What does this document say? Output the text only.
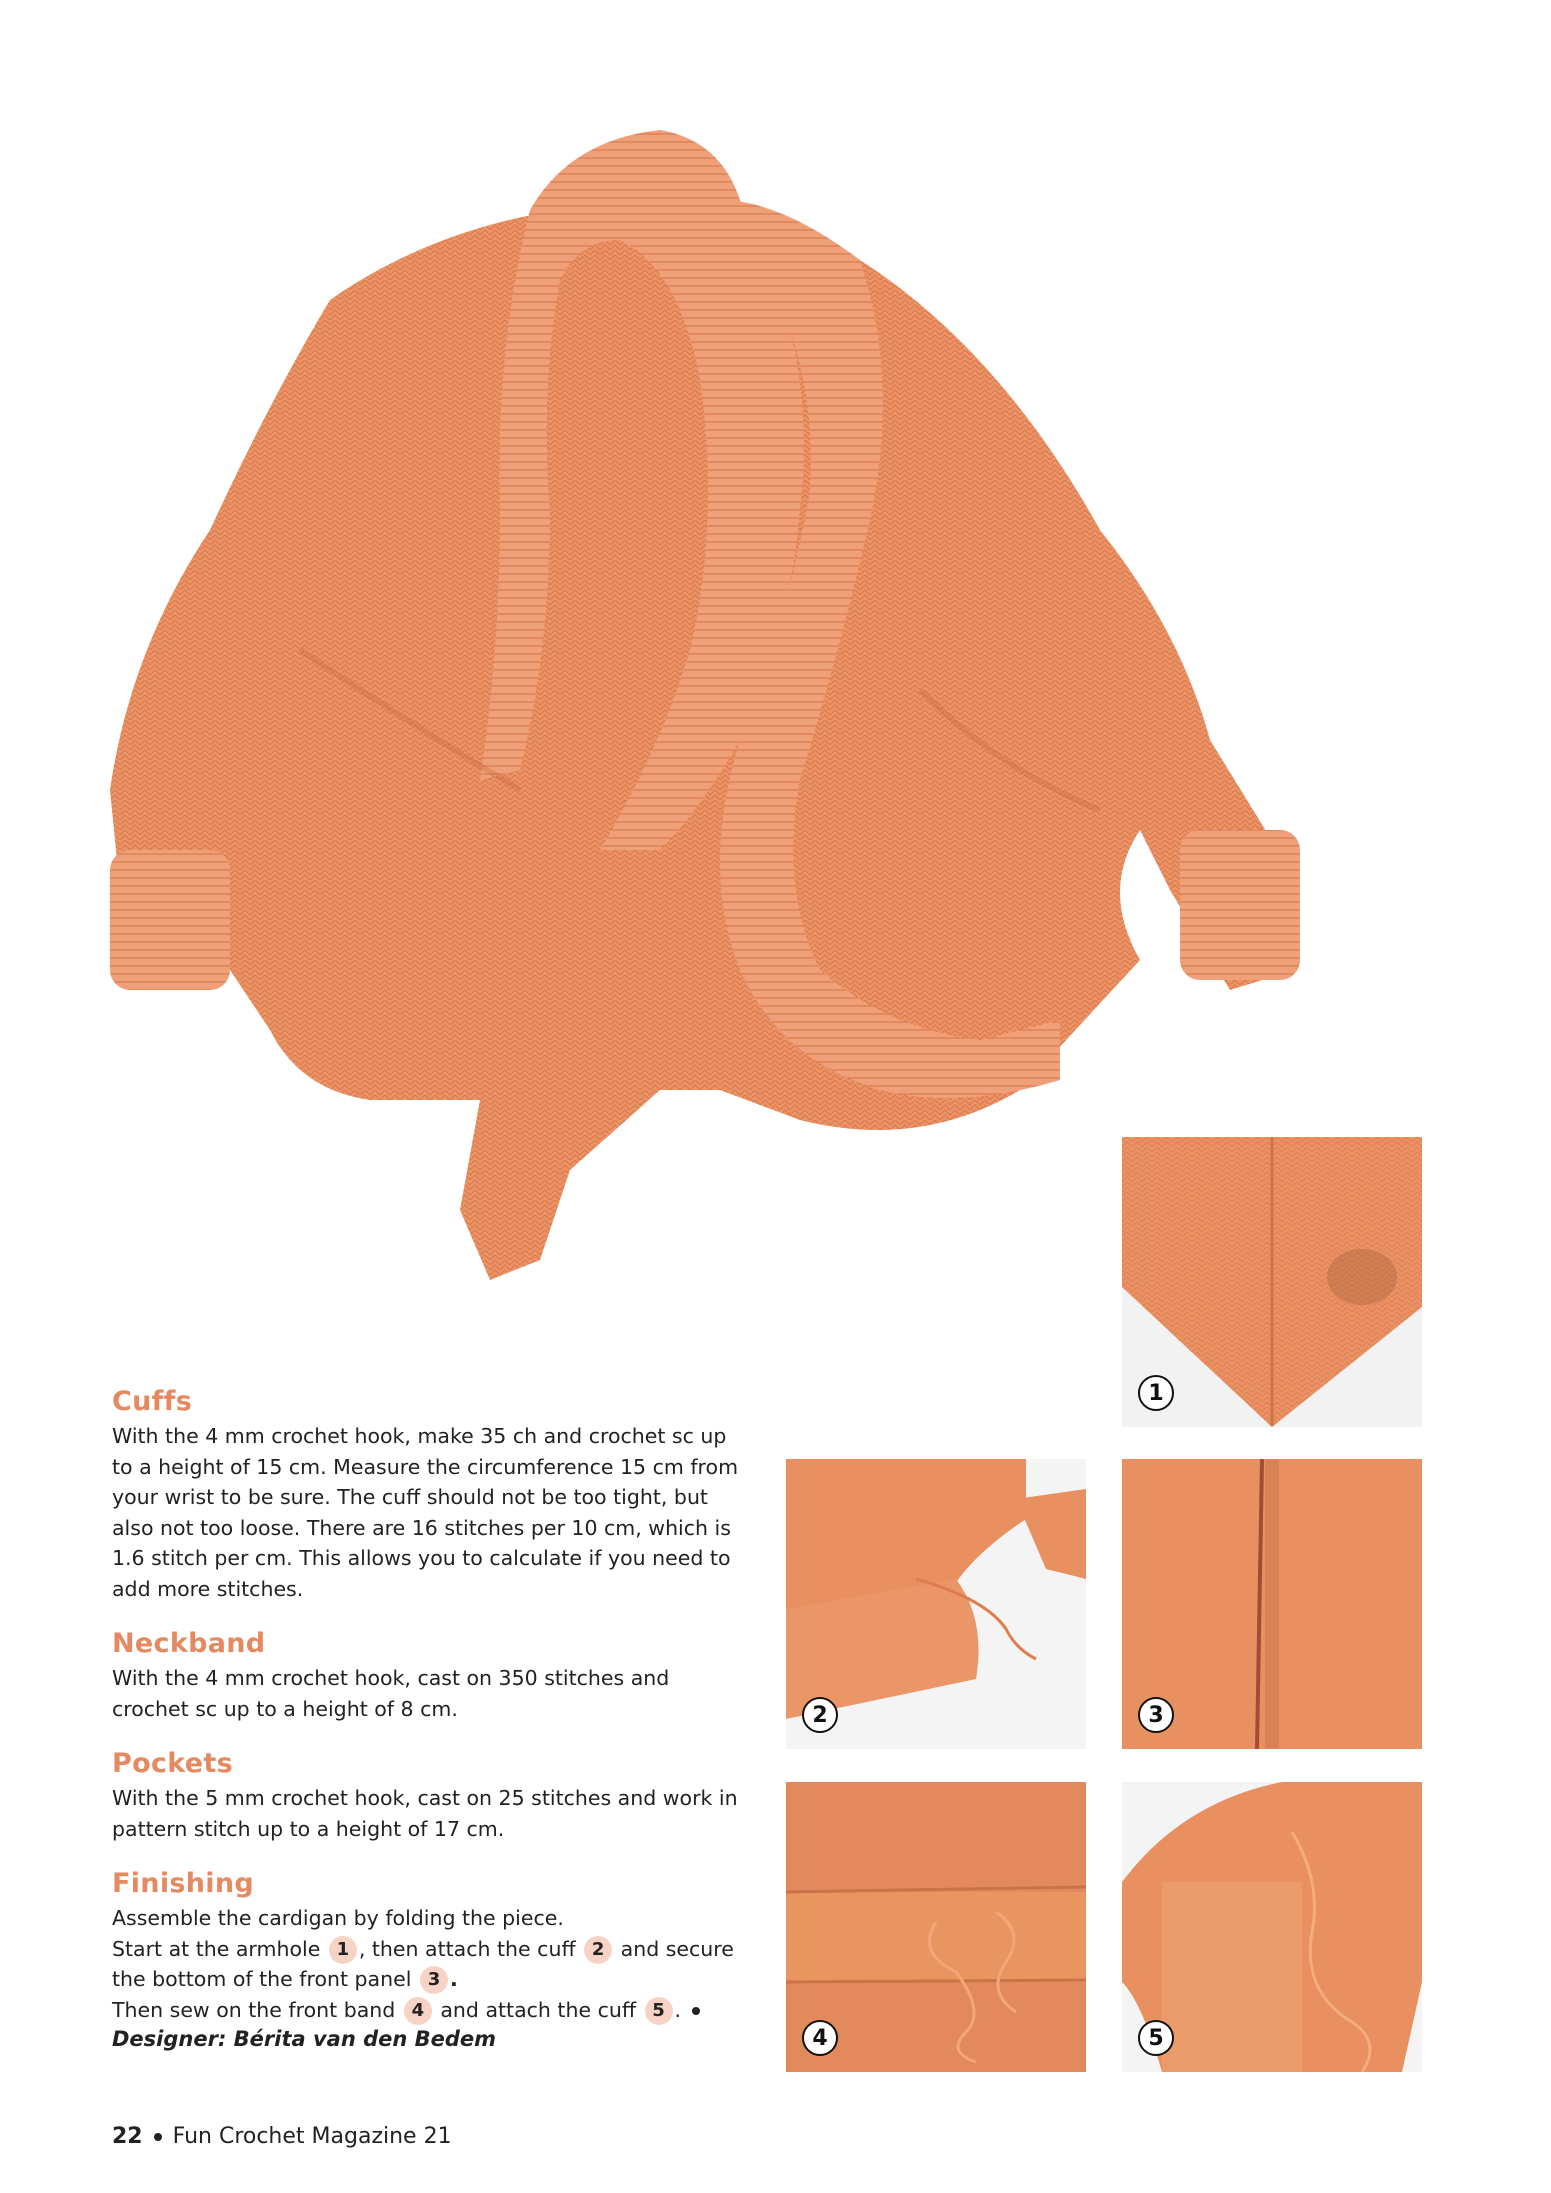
1
2	3
4	5
Cuffs

With the 4 mm crochet hook, make 35 ch and crochet sc up to a height of 15 cm. Measure the circumference 15 cm from your wrist to be sure. The cuff should not be too tight, but also not too loose. There are 16 stitches per 10 cm, which is 1.6 stitch per cm. This allows you to calculate if you need to add more stitches.

Neckband

With the 4 mm crochet hook, cast on 350 stitches and crochet sc up to a height of 8 cm.

Pockets

With the 5 mm crochet hook, cast on 25 stitches and work in pattern stitch up to a height of 17 cm.

Finishing

Assemble the cardigan by folding the piece.
Start at the armhole 1 , then attach the cuff 2 and secure the bottom of the front panel 3 .
Then sew on the front band 4 and attach the cuff 5 .

Designer: Bérita van den Bedem
22 Fun Crochet Magazine 21
